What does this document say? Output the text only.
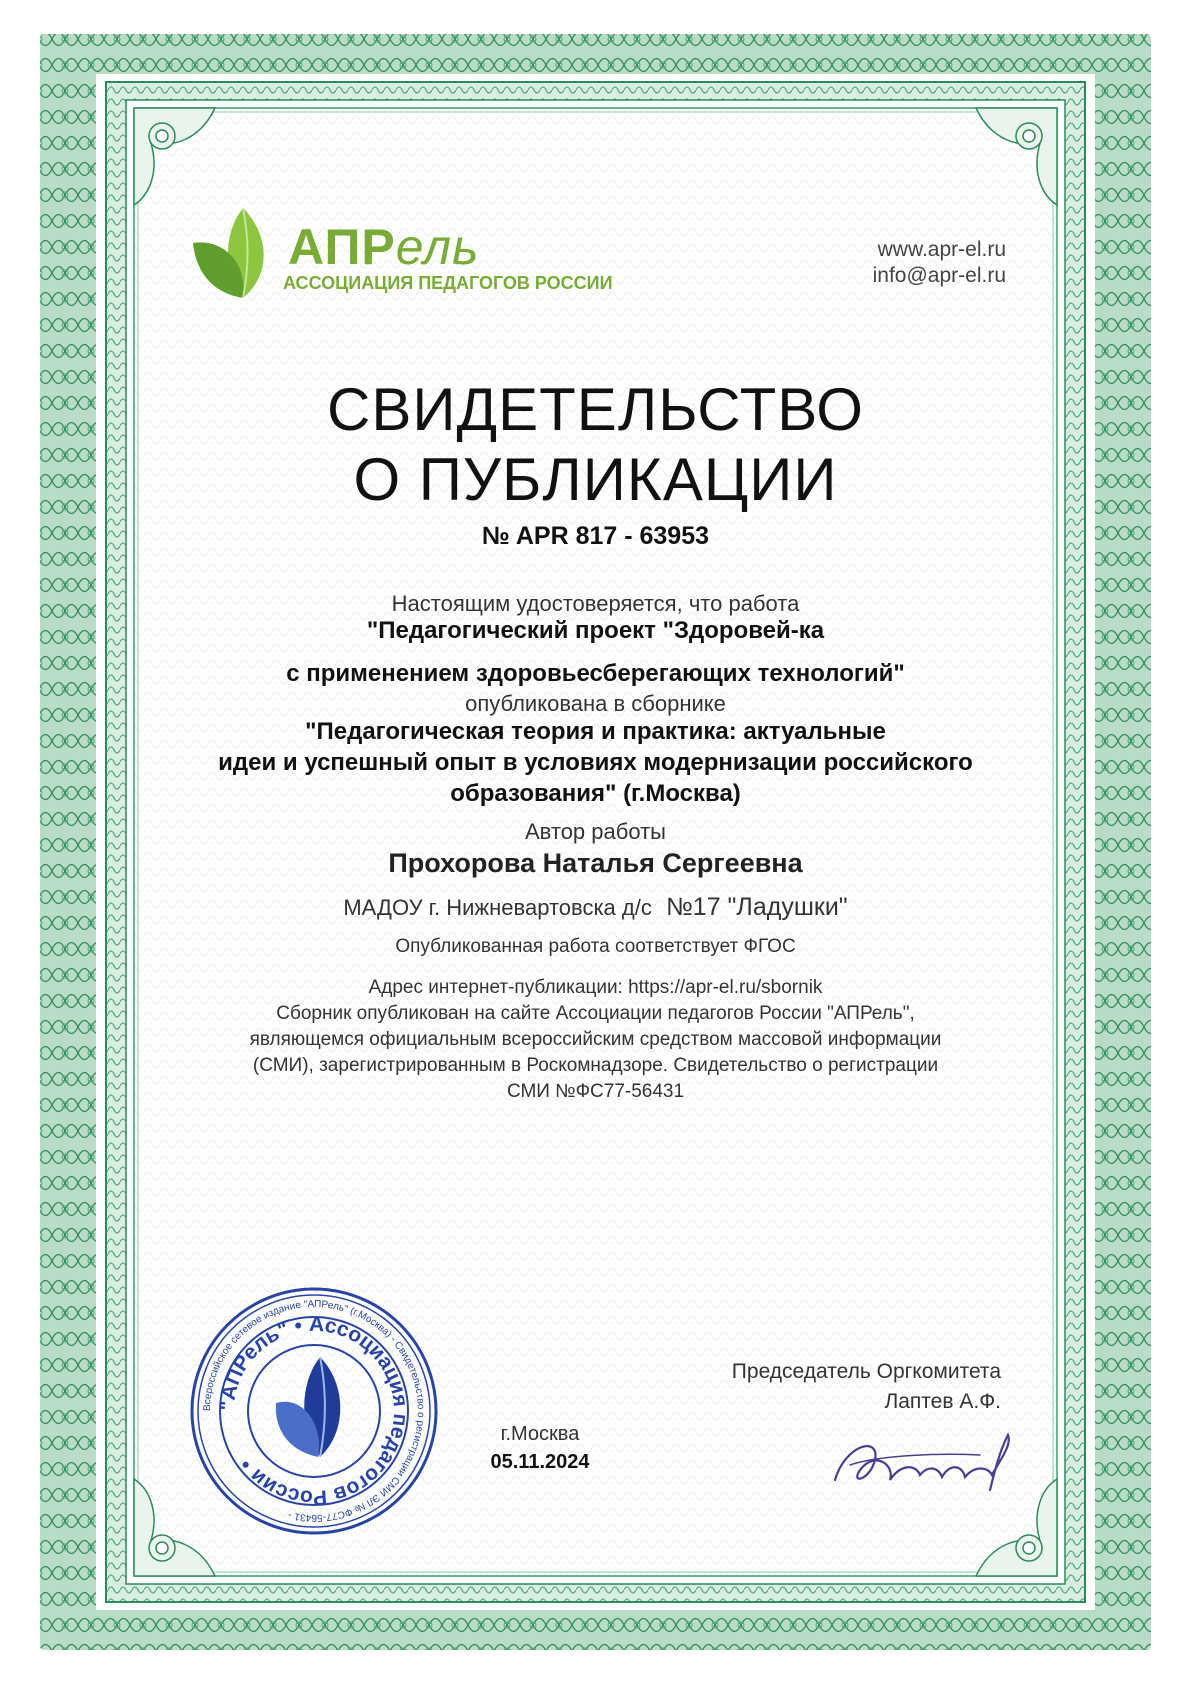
АПРель
АССОЦИАЦИЯ ПЕДАГОГОВ РОССИИ
www.apr-el.ru
info@apr-el.ru
СВИДЕТЕЛЬСТВО
О ПУБЛИКАЦИИ
№ APR 817 - 63953
Настоящим удостоверяется, что работа
"Педагогический проект "Здоровей-ка
с применением здоровьесберегающих технологий"
опубликована в сборнике
"Педагогическая теория и практика: актуальные
идеи и успешный опыт в условиях модернизации российского
образования" (г.Москва)
Автор работы
Прохорова Наталья Сергеевна
МАДОУ г. Нижневартовска д/с №17 "Ладушки"
Опубликованная работа соответствует ФГОС
Адрес интернет-публикации: https://apr-el.ru/sbornik
Сборник опубликован на сайте Ассоциации педагогов России "АПРель",
являющемся официальным всероссийским средством массовой информации
(СМИ), зарегистрированным в Роскомнадзоре. Свидетельство о регистрации
СМИ №ФС77-56431
Всероссийское сетевое издание "АПРель" (г.Москва) - Свидетельство о регистрации СМИ ЭЛ № ФС77-56431 -
"АПРель" • Ассоциация педагогов России •
г.Москва
05.11.2024
Председатель Оргкомитета
Лаптев А.Ф.
